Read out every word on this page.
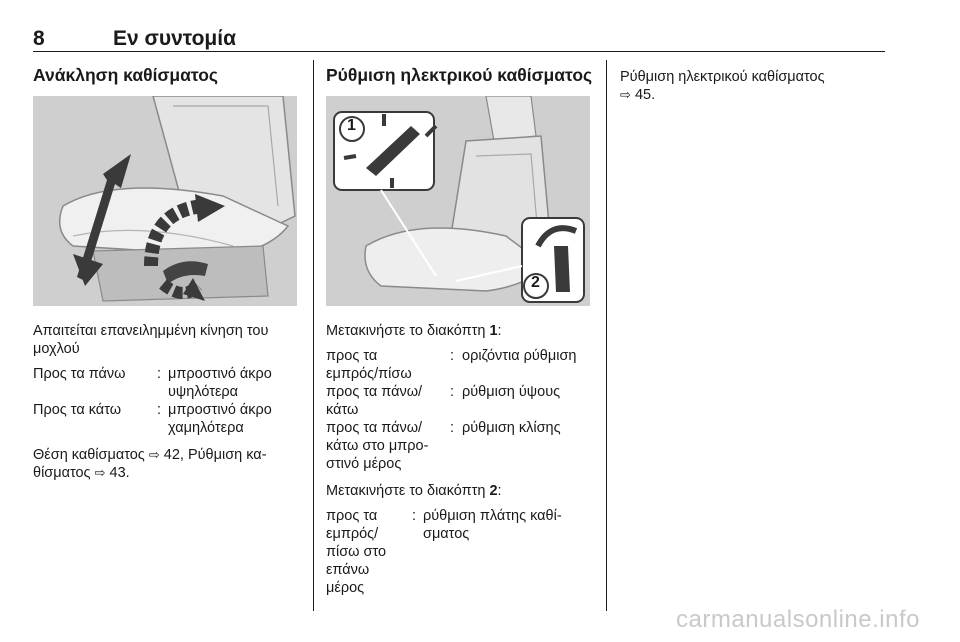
8	Εν συντομία
Ανάκληση καθίσματος
Απαιτείται επανειλημμένη κίνηση του
μοχλού
Προς τα πάνω : μπροστινό άκρο
υψηλότερα
Προς τα κάτω : μπροστινό άκρο
χαμηλότερα
Θέση καθίσματος ⇨ 42, Ρύθμιση κα-
θίσματος ⇨ 43.
Ρύθμιση ηλεκτρικού καθίσματος
1
2
Μετακινήστε το διακόπτη 1:
προς τα
εμπρός/πίσω
: οριζόντια ρύθμιση
προς τα πάνω/
κάτω
: ρύθμιση ύψους
προς τα πάνω/
κάτω στο μπρο-
στινό μέρος
: ρύθμιση κλίσης
Μετακινήστε το διακόπτη 2:
προς τα
εμπρός/
πίσω στο
επάνω
μέρος
: ρύθμιση πλάτης καθί-
σματος
Ρύθμιση ηλεκτρικού καθίσματος
⇨ 45.
carmanualsonline.info
